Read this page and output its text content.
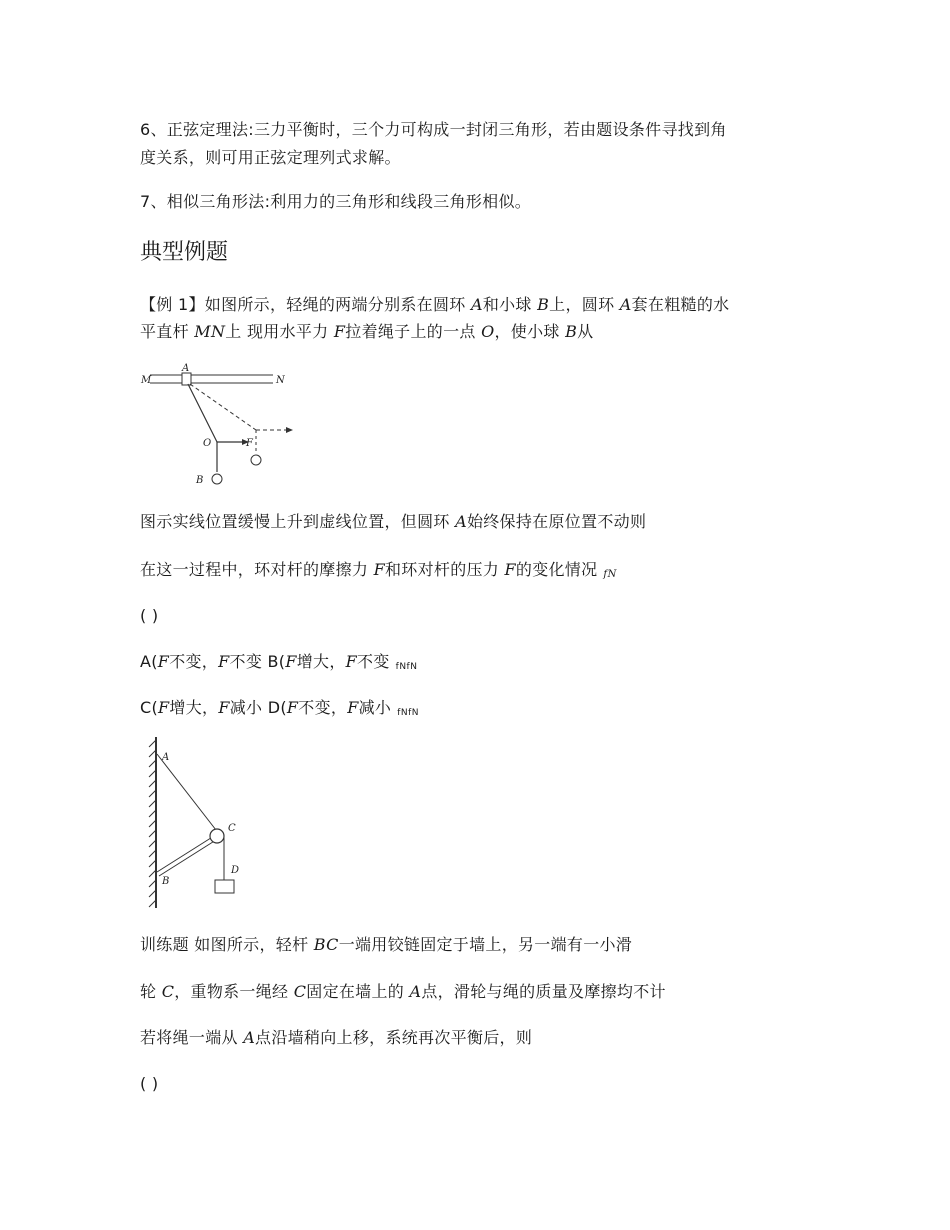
6、正弦定理法:三力平衡时，三个力可构成一封闭三角形，若由题设条件寻找到角
度关系，则可用正弦定理列式求解。
7、相似三角形法:利用力的三角形和线段三角形相似。
典型例题
【例 1】如图所示，轻绳的两端分别系在圆环 A和小球 B上，圆环 A套在粗糙的水
平直杆 MN上 现用水平力 F拉着绳子上的一点 O，使小球 B从
M	N
A
F
O
B
图示实线位置缓慢上升到虚线位置，但圆环 A始终保持在原位置不动则
在这一过程中，环对杆的摩擦力 F和环对杆的压力 F的变化情况 fN
( )
A(F不变，F不变 B(F增大，F不变 fNfN
C(F增大，F减小 D(F不变，F减小 fNfN
A
C
D
B
训练题 如图所示，轻杆 BC一端用铰链固定于墙上，另一端有一小滑
轮 C，重物系一绳经 C固定在墙上的 A点，滑轮与绳的质量及摩擦均不计
若将绳一端从 A点沿墙稍向上移，系统再次平衡后，则
( )
